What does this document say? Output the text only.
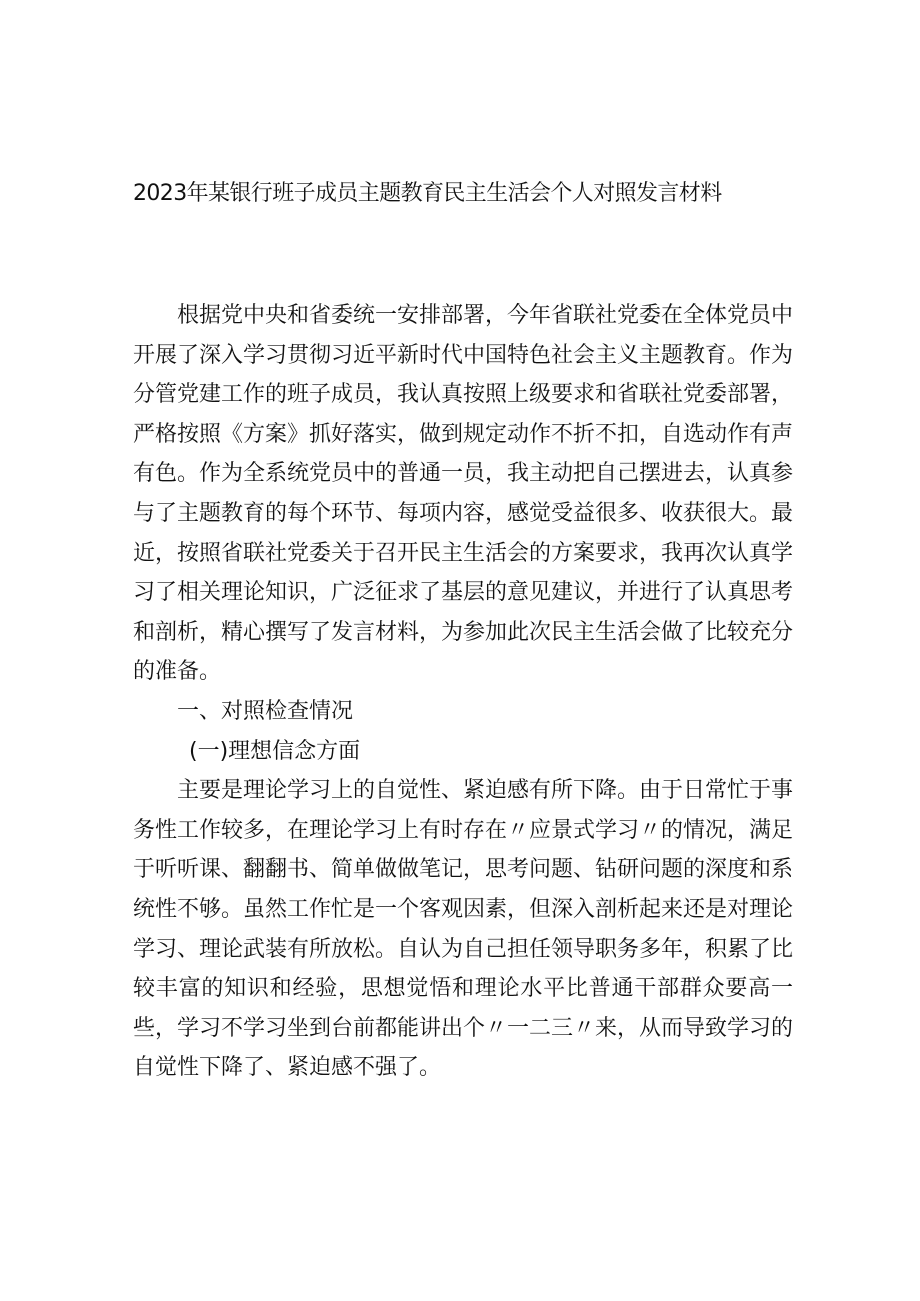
2023年某银行班子成员主题教育民主生活会个人对照发言材料

根据党中央和省委统一安排部署，今年省联社党委在全体党员中开展了深入学习贯彻习近平新时代中国特色社会主义主题教育。作为分管党建工作的班子成员，我认真按照上级要求和省联社党委部署，严格按照《方案》抓好落实，做到规定动作不折不扣，自选动作有声有色。作为全系统党员中的普通一员，我主动把自己摆进去，认真参与了主题教育的每个环节、每项内容，感觉受益很多、收获很大。最近，按照省联社党委关于召开民主生活会的方案要求，我再次认真学习了相关理论知识，广泛征求了基层的意见建议，并进行了认真思考和剖析，精心撰写了发言材料，为参加此次民主生活会做了比较充分的准备。

一、对照检查情况
(一)理想信念方面

主要是理论学习上的自觉性、紧迫感有所下降。由于日常忙于事务性工作较多，在理论学习上有时存在〃应景式学习〃的情况，满足于听听课、翻翻书、简单做做笔记，思考问题、钻研问题的深度和系统性不够。虽然工作忙是一个客观因素，但深入剖析起来还是对理论学习、理论武装有所放松。自认为自己担任领导职务多年，积累了比较丰富的知识和经验，思想觉悟和理论水平比普通干部群众要高一些，学习不学习坐到台前都能讲出个〃一二三〃来，从而导致学习的自觉性下降了、紧迫感不强了。
